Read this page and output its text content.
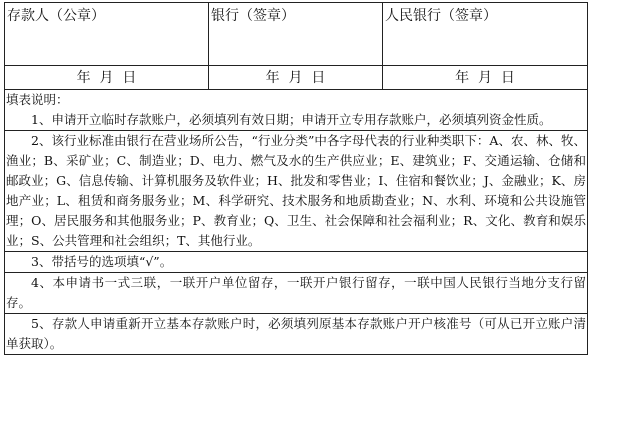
存款人（公章）	银行（签章）	人民银行（签章）
年  月  日	年  月  日	年  月  日
填表说明：
1、申请开立临时存款账户，必须填列有效日期；申请开立专用存款账户，必须填列资金性质。
2、该行业标准由银行在营业场所公告，“行业分类”中各字母代表的行业种类职下：A、农、林、牧、渔业；B、采矿业；C、制造业；D、电力、燃气及水的生产供应业；E、建筑业；F、交通运输、仓储和邮政业；G、信息传输、计算机服务及软件业；H、批发和零售业；I、住宿和餐饮业；J、金融业；K、房地产业；L、租赁和商务服务业；M、科学研究、技术服务和地质勘查业；N、水利、环境和公共设施管理；O、居民服务和其他服务业；P、教育业；Q、卫生、社会保障和社会福利业；R、文化、教育和娱乐业；S、公共管理和社会组织；T、其他行业。
3、带括号的选项填“√”。
4、本申请书一式三联，一联开户单位留存，一联开户银行留存，一联中国人民银行当地分支行留存。
5、存款人申请重新开立基本存款账户时，必须填列原基本存款账户开户核准号（可从已开立账户清单获取）。
